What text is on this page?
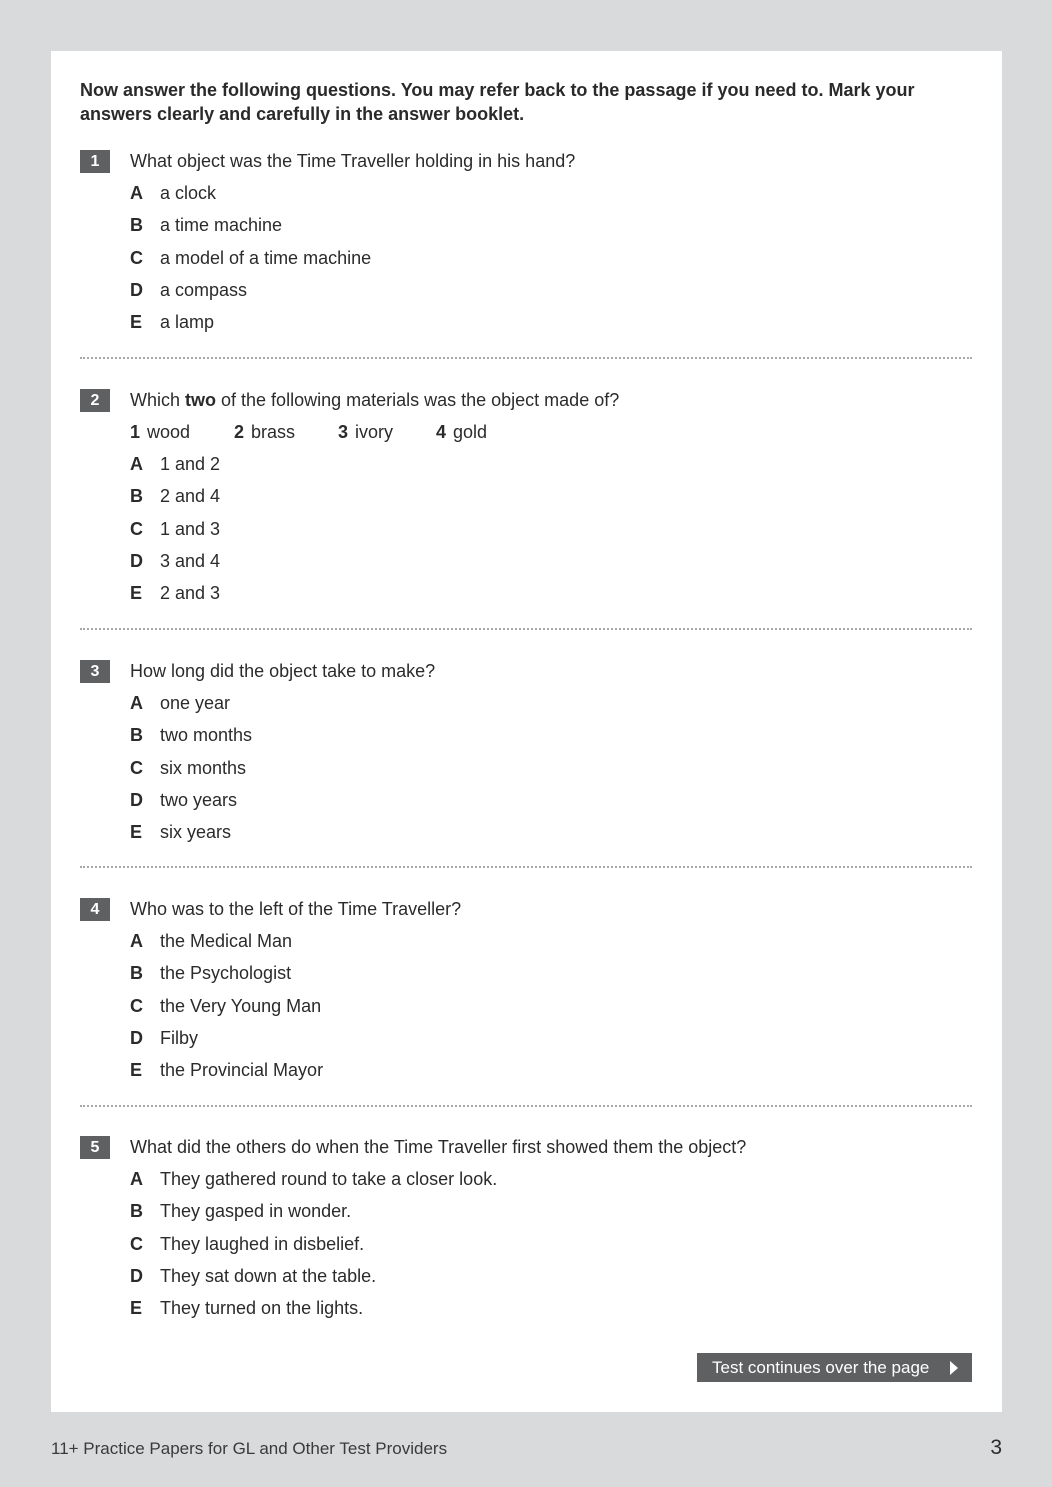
Now answer the following questions. You may refer back to the passage if you need to. Mark your answers clearly and carefully in the answer booklet.

1	What object was the Time Traveller holding in his hand?
A a clock
B a time machine
C a model of a time machine
D a compass
E a lamp
2	Which two of the following materials was the object made of?
1 wood 2 brass 3 ivory 4 gold
A 1 and 2
B 2 and 4
C 1 and 3
D 3 and 4
E 2 and 3
3	How long did the object take to make?
A one year
B two months
C six months
D two years
E six years
4	Who was to the left of the Time Traveller?
A the Medical Man
B the Psychologist
C the Very Young Man
D Filby
E the Provincial Mayor
5	What did the others do when the Time Traveller first showed them the object?
A They gathered round to take a closer look.
B They gasped in wonder.
C They laughed in disbelief.
D They sat down at the table.
E They turned on the lights.
Test continues over the page
11+ Practice Papers for GL and Other Test Providers	3
